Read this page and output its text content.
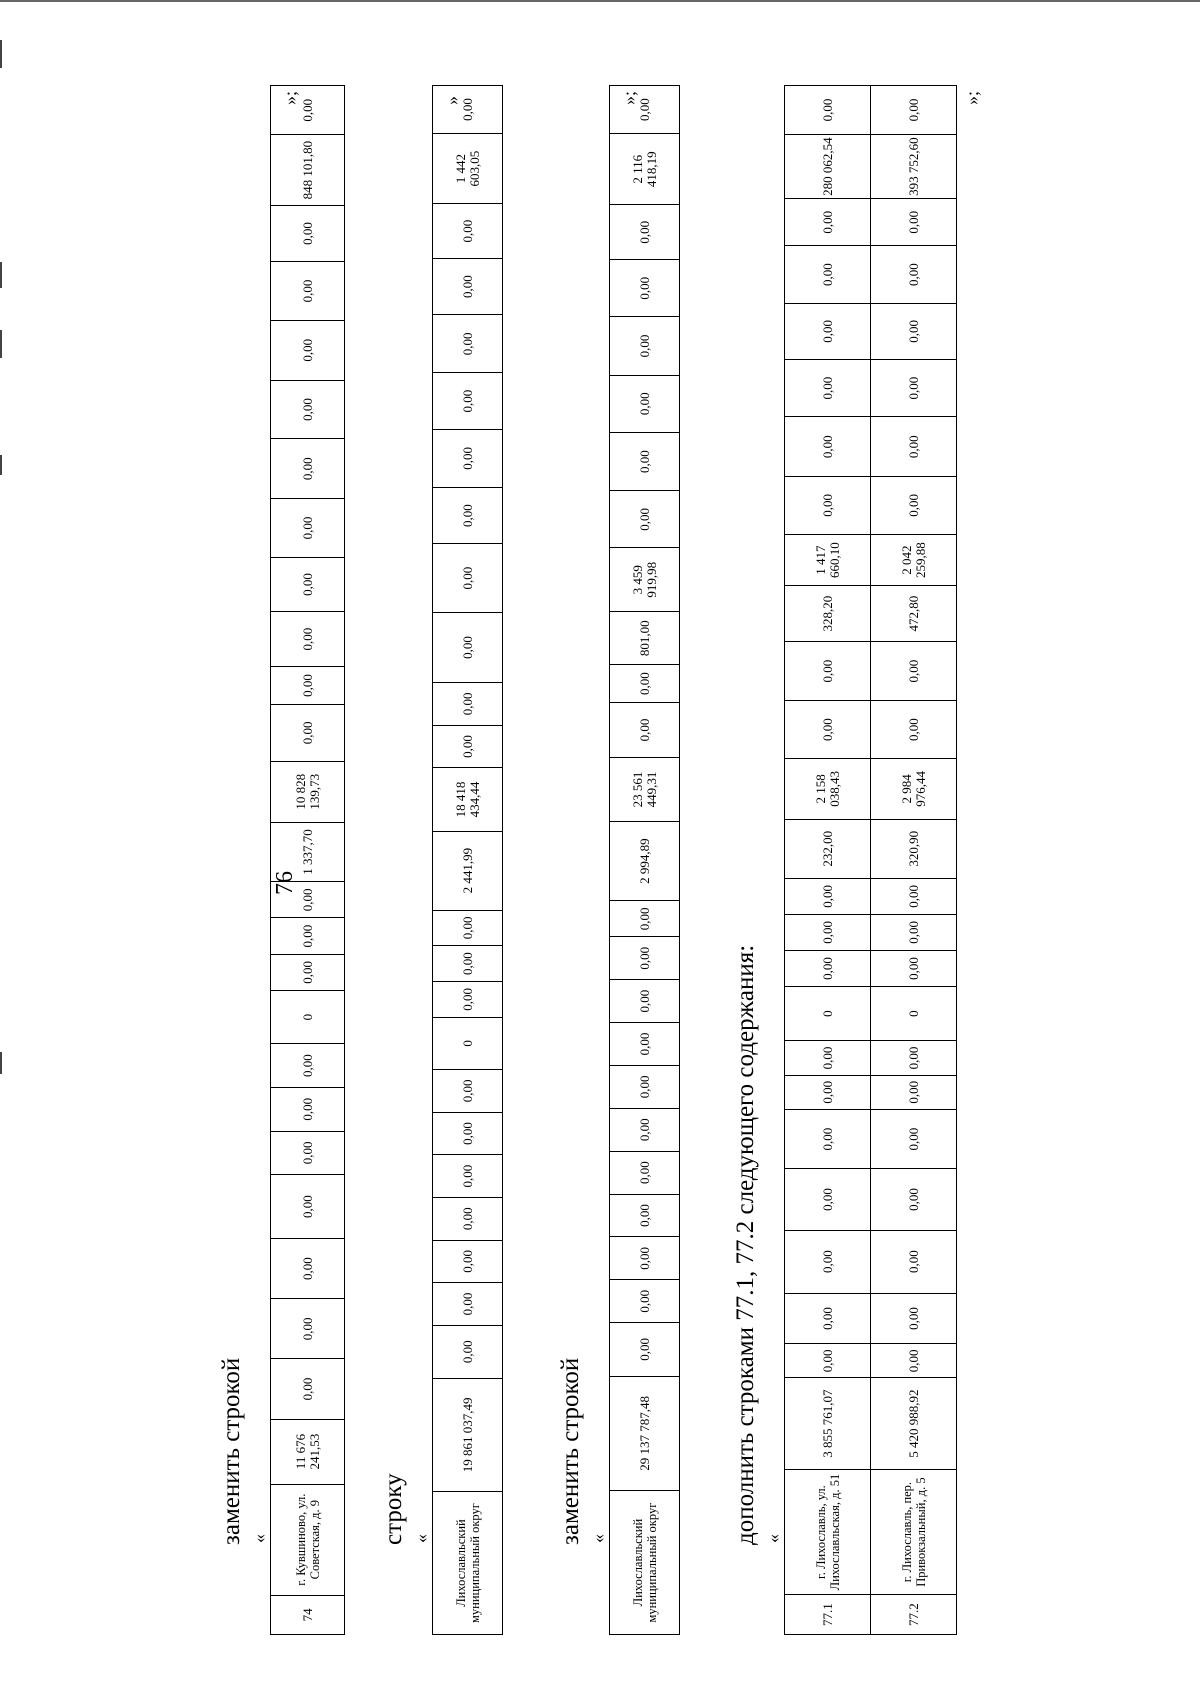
76
заменить строкой «
74	г. Кувшиново, ул. Советская, д. 9	11 676 241,53	0,00	0,00	0,00	0,00	0,00	0,00	0,00	0	0,00	0,00	0,00	1 337,70	10 828 139,73	0,00	0,00	0,00	0,00	0,00	0,00	0,00	0,00	0,00	0,00	848 101,80	0,00
»;
строку « Лихославльский муниципальный округ	19 861 037,49	0,00	0,00	0,00	0,00	0,00	0,00	0,00	0	0,00	0,00	0,00	2 441,99	18 418 434,44	0,00	0,00	0,00	0,00	0,00	0,00	0,00	0,00	0,00	0,00	1 442 603,05	0,00
»
заменить строкой « Лихославльский муниципальный округ	29 137 787,48	0,00	0,00	0,00	0,00	0,00	0,00	0,00	0,00	0,00	0,00	0,00	2 994,89	23 561 449,31	0,00	0,00	801,00	3 459 919,98	0,00	0,00	0,00	0,00	0,00	0,00	2 116 418,19	0,00
»;
дополнить строками 77.1, 77.2 следующего содержания: «
77.1	г. Лихославль, ул. Лихославльская, д. 51	3 855 761,07	0,00	0,00	0,00	0,00	0,00	0,00	0,00	0	0,00	0,00	0,00	232,00	2 158 038,43	0,00	0,00	328,20	1 417 660,10	0,00	0,00	0,00	0,00	0,00	0,00	280 062,54	0,00
77.2	г. Лихославль, пер. Привокзальный, д. 5	5 420 988,92	0,00	0,00	0,00	0,00	0,00	0,00	0,00	0	0,00	0,00	0,00	320,90	2 984 976,44	0,00	0,00	472,80	2 042 259,88	0,00	0,00	0,00	0,00	0,00	0,00	393 752,60	0,00
»;
